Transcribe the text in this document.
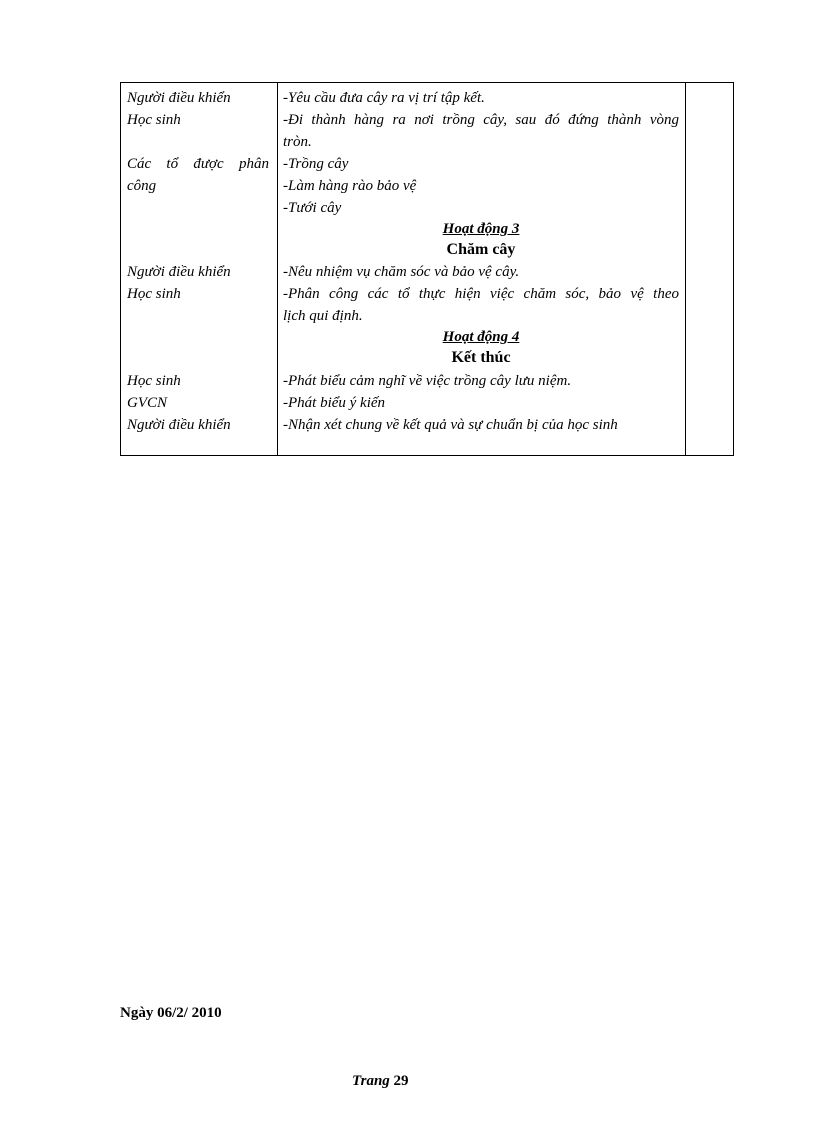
Người điều khiển
Học sinh
Các tổ được phân
công
Người điều khiển
Học sinh
Học sinh
GVCN
Người điều khiển
-Yêu cầu đưa cây ra vị trí tập kết.
-Đi thành hàng ra nơi trồng cây, sau đó đứng thành vòng
tròn.
-Trồng cây
-Làm hàng rào bảo vệ
-Tưới cây
Hoạt động 3
Chăm cây
-Nêu nhiệm vụ chăm sóc và bảo vệ cây.
-Phân công các tổ thực hiện việc chăm sóc, bảo vệ theo
lịch qui định.
Hoạt động 4
Kết thúc
-Phát biểu cảm nghĩ về việc trồng cây lưu niệm.
-Phát biểu ý kiến
-Nhận xét chung về kết quả và sự chuẩn bị của học sinh
Ngày 06/2/ 2010
Trang 29
